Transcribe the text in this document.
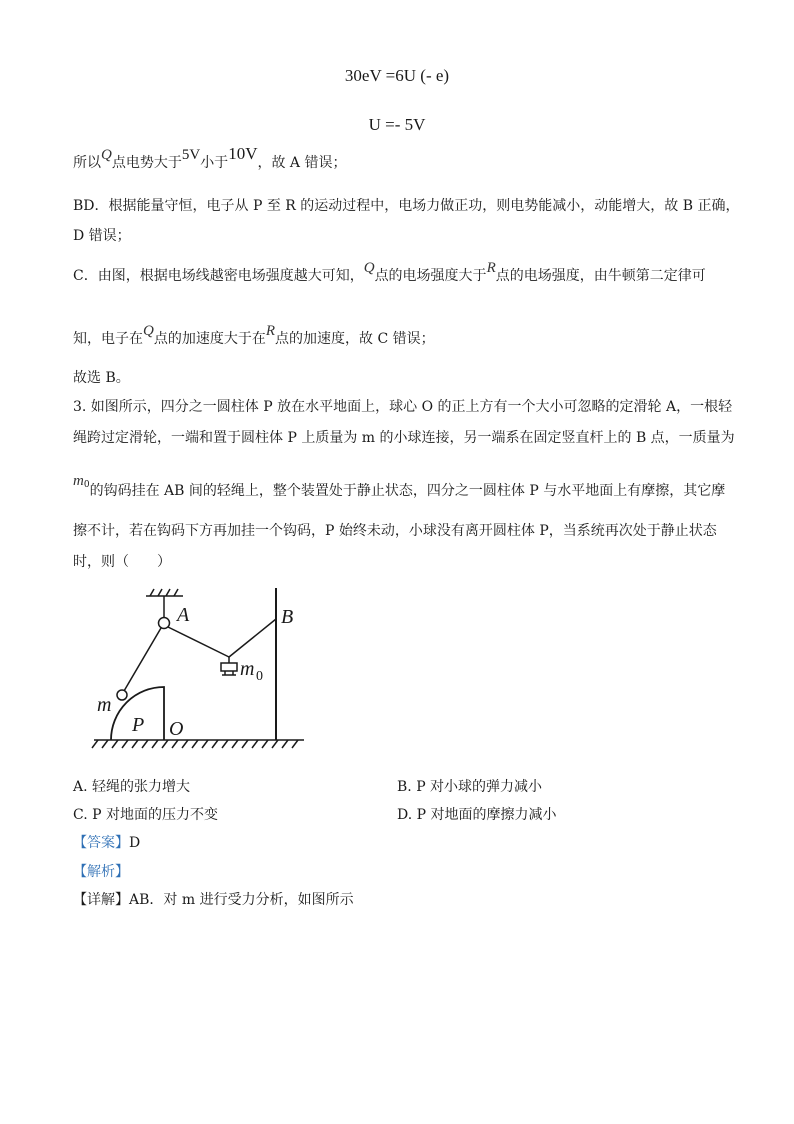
30eV =6U (- e)
U =- 5V
所以Q点电势大于5V小于10V，故 A 错误；
BD．根据能量守恒，电子从 P 至 R 的运动过程中，电场力做正功，则电势能减小，动能增大，故 B 正确，
D 错误；
C．由图，根据电场线越密电场强度越大可知，Q点的电场强度大于R点的电场强度，由牛顿第二定律可
知，电子在Q点的加速度大于在R点的加速度，故 C 错误；
故选 B。
3. 如图所示，四分之一圆柱体 P 放在水平地面上，球心 O 的正上方有一个大小可忽略的定滑轮 A，一根轻
绳跨过定滑轮，一端和置于圆柱体 P 上质量为 m 的小球连接，另一端系在固定竖直杆上的 B 点，一质量为
$m^0$的钩码挂在 AB 间的轻绳上，整个装置处于静止状态，四分之一圆柱体 P 与水平地面上有摩擦，其它摩
擦不计，若在钩码下方再加挂一个钩码，P 始终未动，小球没有离开圆柱体 P，当系统再次处于静止状态
时，则（　　）
A	B
m 0
m
P O
A. 轻绳的张力增大	B. P 对小球的弹力减小
C. P 对地面的压力不变	D. P 对地面的摩擦力减小
【答案】D
【解析】
【详解】AB．对 m 进行受力分析，如图所示
